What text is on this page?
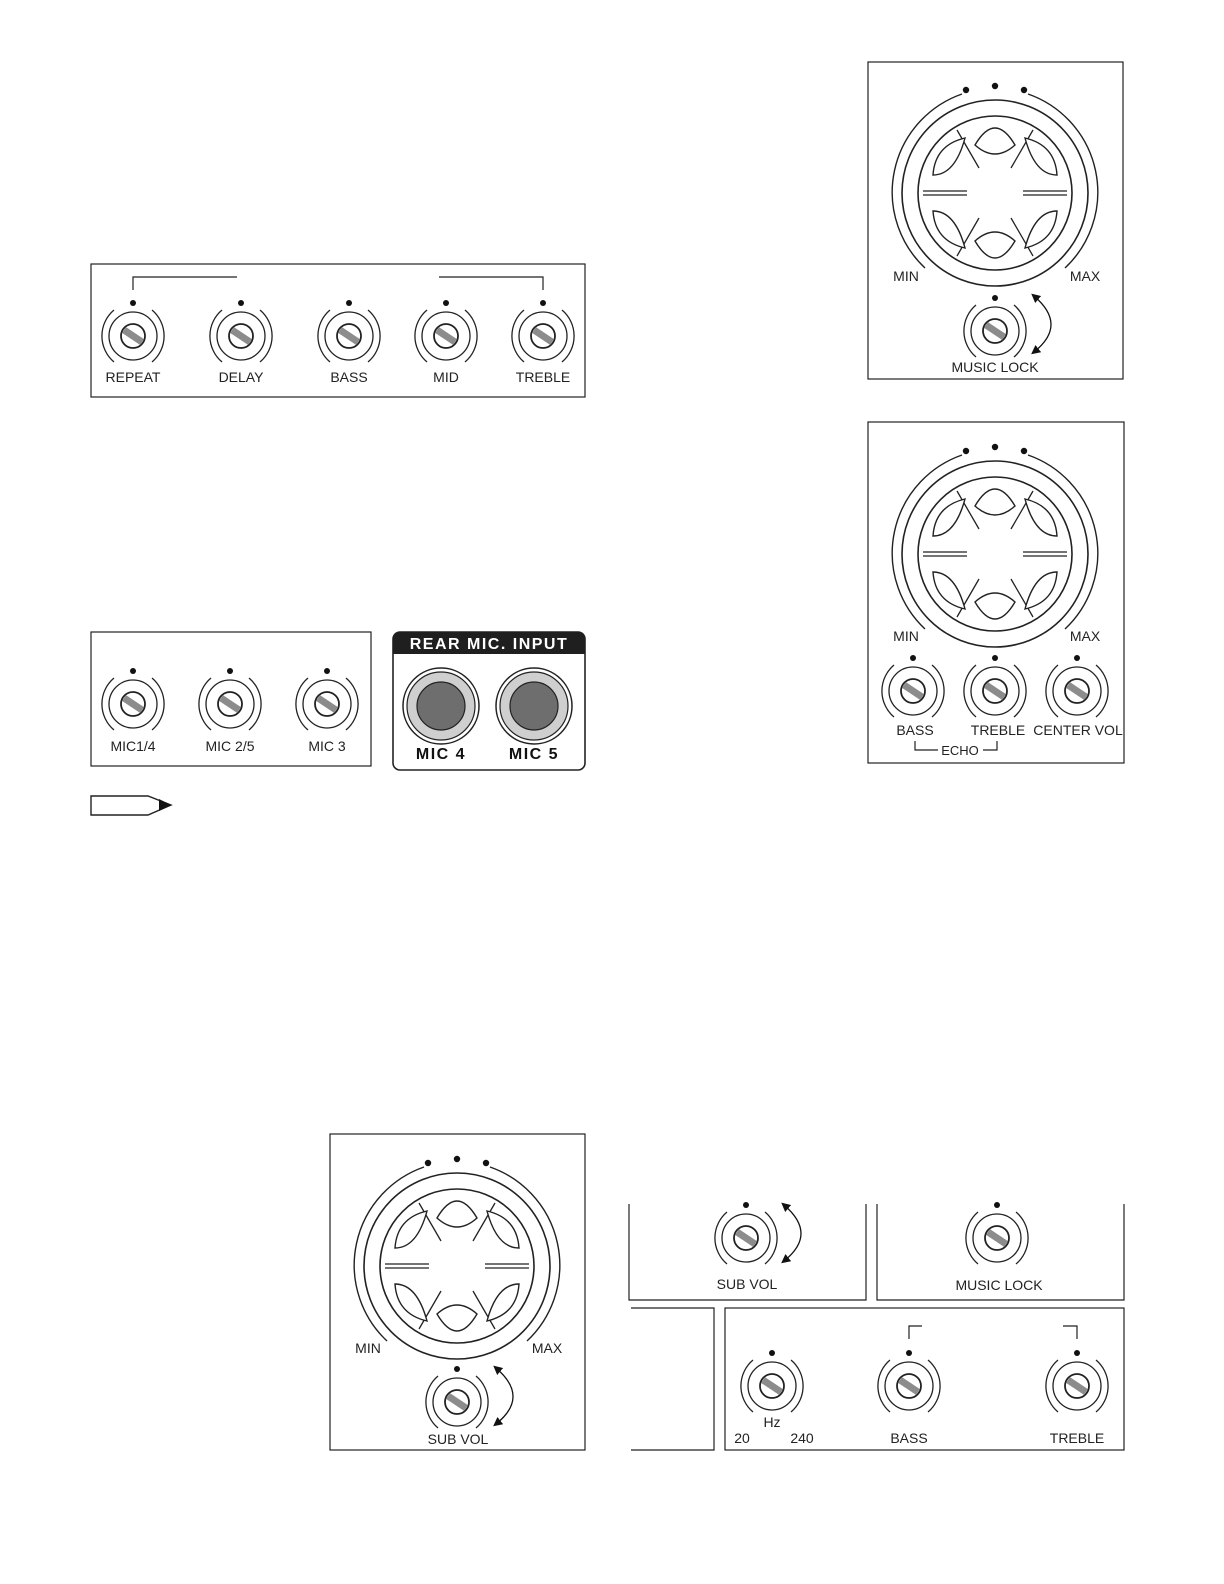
REPEAT	DELAY	BASS	MID	TREBLE
MIC1/4	MIC 2/5	MIC 3
REAR MIC. INPUT
MIC 4	MIC 5
MIN	MAX
MUSIC LOCK
MIN	MAX
BASS	TREBLE CENTER VOL
ECHO
MIN	MAX
SUB VOL
SUB VOL	MUSIC LOCK
Hz
20	240	BASS	TREBLE
